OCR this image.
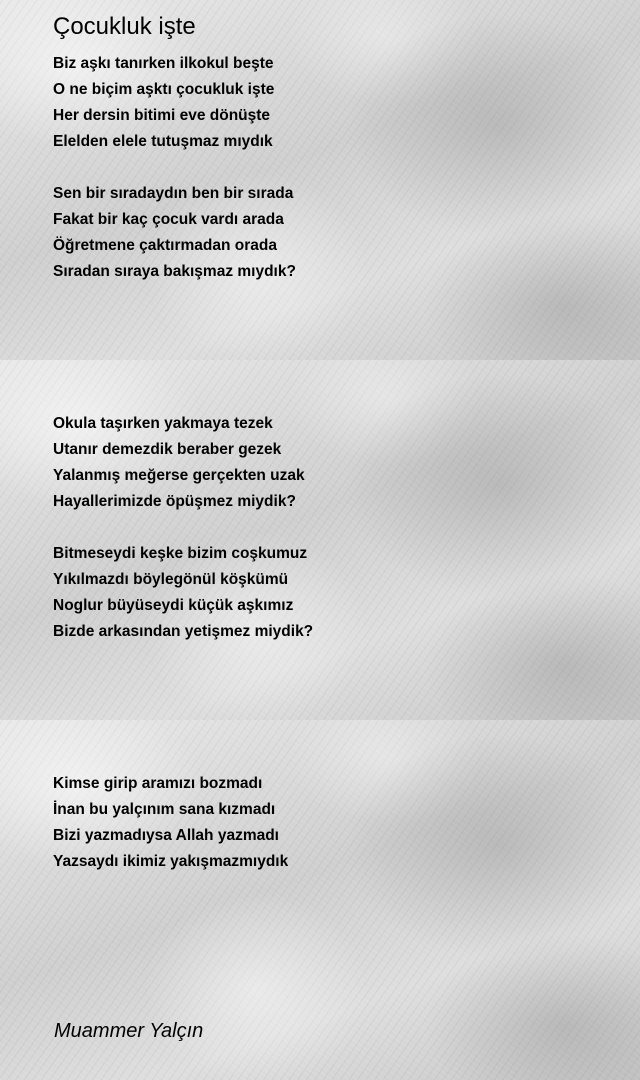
Çocukluk işte
Biz aşkı tanırken ilkokul beşte
O ne biçim aşktı çocukluk işte
Her dersin bitimi eve dönüşte
Elelden elele tutuşmaz mıydık
Sen bir sıradaydın ben bir sırada
Fakat bir kaç çocuk vardı arada
Öğretmene çaktırmadan orada
Sıradan sıraya bakışmaz mıydık?
Okula taşırken yakmaya tezek
Utanır demezdik beraber gezek
Yalanmış meğerse gerçekten uzak
Hayallerimizde öpüşmez miydik?
Bitmeseydi keşke bizim coşkumuz
Yıkılmazdı böylegönül köşkümü
Noglur büyüseydi küçük aşkımız
Bizde arkasından yetişmez miydik?
Kimse girip aramızı bozmadı
İnan bu yalçınım sana kızmadı
Bizi yazmadıysa Allah yazmadı
Yazsaydı ikimiz yakışmazmıydık

Muammer Yalçın
